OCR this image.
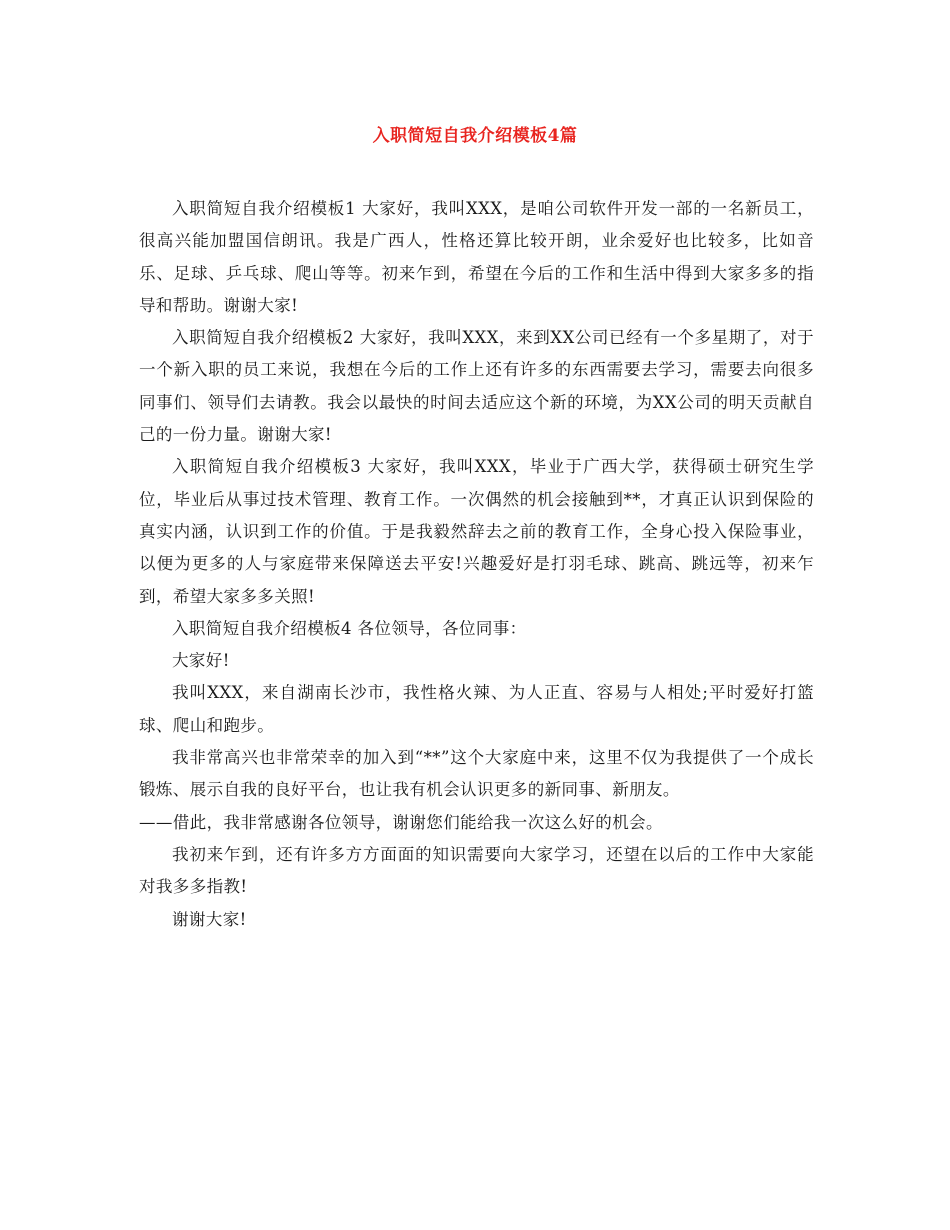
入职简短自我介绍模板4篇

入职简短自我介绍模板1 大家好，我叫XXX，是咱公司软件开发一部的一名新员工，很高兴能加盟国信朗讯。我是广西人，性格还算比较开朗，业余爱好也比较多，比如音乐、足球、乒乓球、爬山等等。初来乍到，希望在今后的工作和生活中得到大家多多的指导和帮助。谢谢大家!

入职简短自我介绍模板2 大家好，我叫XXX，来到XX公司已经有一个多星期了，对于一个新入职的员工来说，我想在今后的工作上还有许多的东西需要去学习，需要去向很多同事们、领导们去请教。我会以最快的时间去适应这个新的环境，为XX公司的明天贡献自己的一份力量。谢谢大家!

入职简短自我介绍模板3 大家好，我叫XXX，毕业于广西大学，获得硕士研究生学位，毕业后从事过技术管理、教育工作。一次偶然的机会接触到**，才真正认识到保险的真实内涵，认识到工作的价值。于是我毅然辞去之前的教育工作，全身心投入保险事业，以便为更多的人与家庭带来保障送去平安!兴趣爱好是打羽毛球、跳高、跳远等，初来乍到，希望大家多多关照!

入职简短自我介绍模板4 各位领导，各位同事：

大家好!

我叫XXX，来自湖南长沙市，我性格火辣、为人正直、容易与人相处;平时爱好打篮球、爬山和跑步。

我非常高兴也非常荣幸的加入到“**”这个大家庭中来，这里不仅为我提供了一个成长锻炼、展示自我的良好平台，也让我有机会认识更多的新同事、新朋友。

——借此，我非常感谢各位领导，谢谢您们能给我一次这么好的机会。

我初来乍到，还有许多方方面面的知识需要向大家学习，还望在以后的工作中大家能对我多多指教!

谢谢大家!
